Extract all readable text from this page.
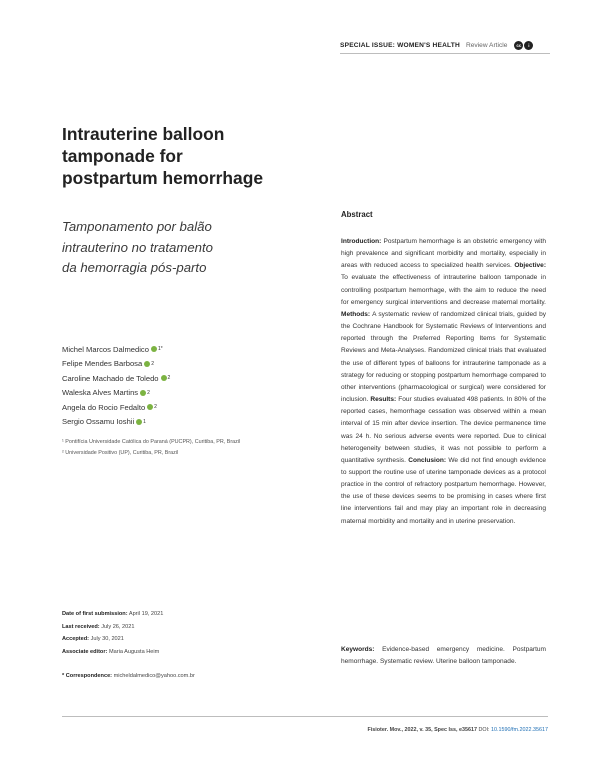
SPECIAL ISSUE: WOMEN'S HEALTH Review Article	cc	i
Intrauterine balloon
tamponade for
postpartum hemorrhage
Tamponamento por balão
intrauterino no tratamento
da hemorragia pós-parto
Michel Marcos Dalmedico 1*
Felipe Mendes Barbosa 2
Caroline Machado de Toledo 2
Waleska Alves Martins 2
Angela do Rocio Fedalto 2
Sergio Ossamu Ioshii 1
¹ Pontifícia Universidade Católica do Paraná (PUCPR), Curitiba, PR, Brazil
² Universidade Positivo (UP), Curitiba, PR, Brazil
Date of first submission: April 19, 2021
Last received: July 26, 2021
Accepted: July 30, 2021
Associate editor: Maria Augusta Heim
* Correspondence: micheldalmedico@yahoo.com.br
Abstract
Introduction: Postpartum hemorrhage is an obstetric emergency with high prevalence and significant morbidity and mortality, especially in areas with reduced access to specialized health services. Objective: To evaluate the effectiveness of intrauterine balloon tamponade in controlling postpartum hemorrhage, with the aim to reduce the need for emergency surgical interventions and decrease maternal mortality. Methods: A systematic review of randomized clinical trials, guided by the Cochrane Handbook for Systematic Reviews of Interventions and reported through the Preferred Reporting Items for Systematic Reviews and Meta-Analyses. Randomized clinical trials that evaluated the use of different types of balloons for intrauterine tamponade as a strategy for reducing or stopping postpartum hemorrhage compared to other interventions (pharmacological or surgical) were considered for inclusion. Results: Four studies evaluated 498 patients. In 80% of the reported cases, hemorrhage cessation was observed within a mean interval of 15 min after device insertion. The device permanence time was 24 h. No serious adverse events were reported. Due to clinical heterogeneity between studies, it was not possible to perform a quantitative synthesis. Conclusion: We did not find enough evidence to support the routine use of uterine tamponade devices as a protocol practice in the control of refractory postpartum hemorrhage. However, the use of these devices seems to be promising in cases where first line interventions fail and may play an important role in decreasing maternal morbidity and mortality and in uterine preservation.
Keywords: Evidence-based emergency medicine. Postpartum hemorrhage. Systematic review. Uterine balloon tamponade.
Fisioter. Mov., 2022, v. 35, Spec Iss, e35617 DOI: 10.1590/fm.2022.35617
